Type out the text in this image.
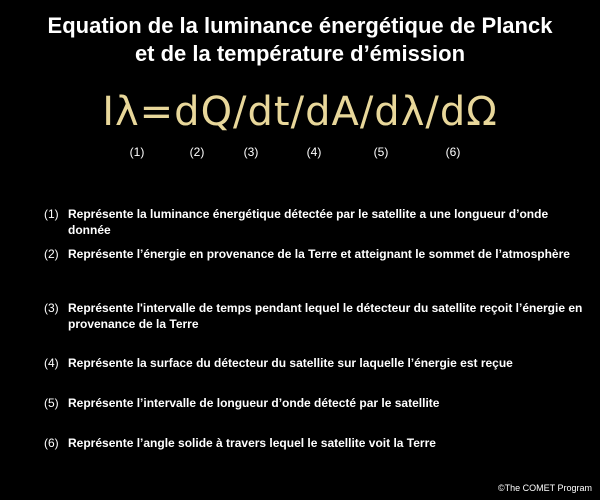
Equation de la luminance énergétique de Planck
et de la température d’émission
Iλ=dQ/dt/dA/dλ/dΩ
(1)	(2)	(3)	(4)	(5)	(6)
(1) Représente la luminance énergétique détectée par le satellite a une longueur d’onde donnée
(2) Représente l’énergie en provenance de la Terre et atteignant le sommet de l’atmosphère
(3) Représente l'intervalle de temps pendant lequel le détecteur du satellite reçoit l’énergie en provenance de la Terre
(4) Représente la surface du détecteur du satellite sur laquelle l’énergie est reçue
(5) Représente l’intervalle de longueur d’onde détecté par le satellite
(6) Représente l’angle solide à travers lequel le satellite voit la Terre
©The COMET Program
